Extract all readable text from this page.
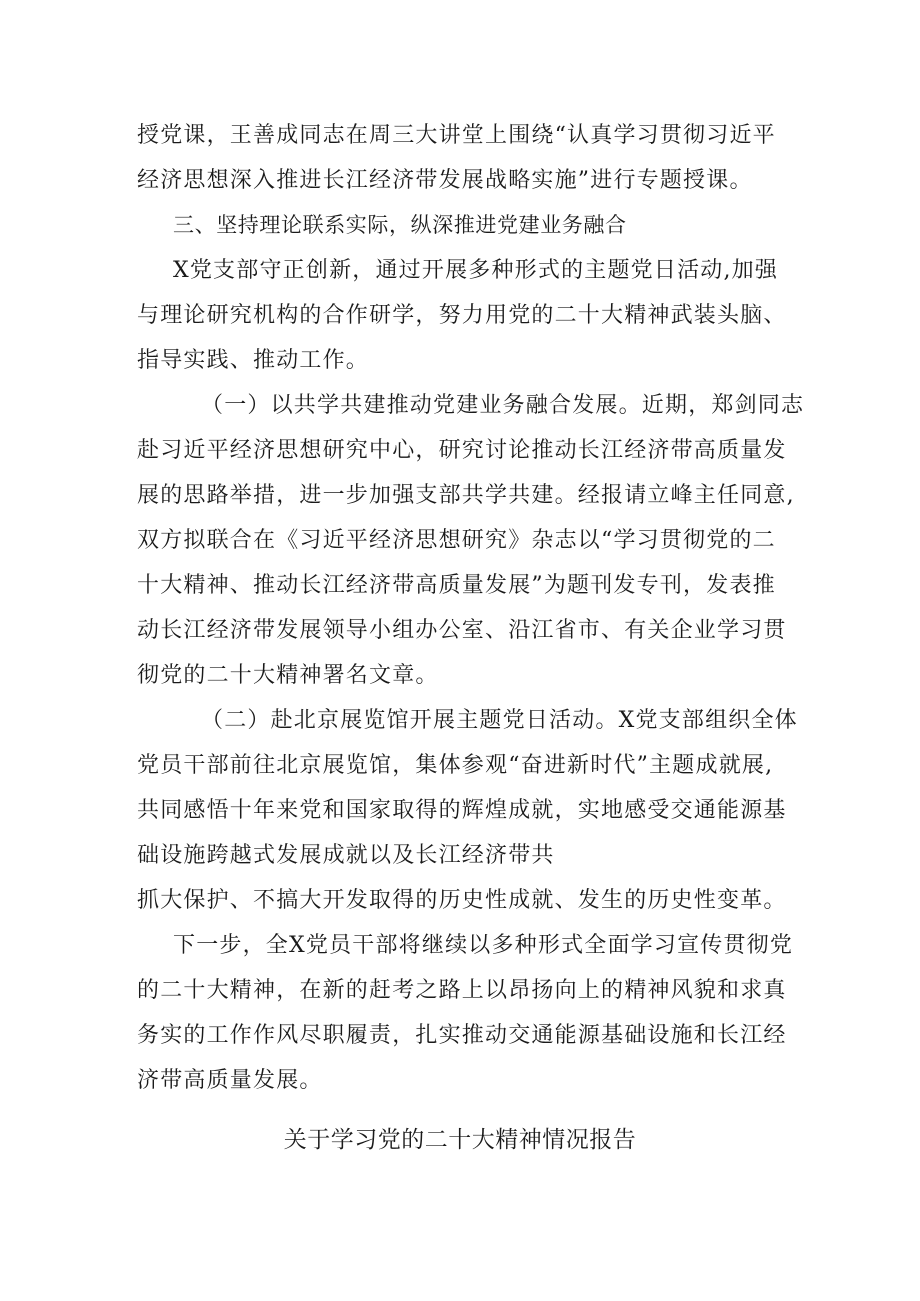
授党课，王善成同志在周三大讲堂上围绕“认真学习贯彻习近平
经济思想深入推进长江经济带发展战略实施”进行专题授课。
三、坚持理论联系实际，纵深推进党建业务融合
X党支部守正创新，通过开展多种形式的主题党日活动,加强
与理论研究机构的合作研学，努力用党的二十大精神武装头脑、
指导实践、推动工作。
（一）以共学共建推动党建业务融合发展。近期，郑剑同志
赴习近平经济思想研究中心，研究讨论推动长江经济带高质量发
展的思路举措，进一步加强支部共学共建。经报请立峰主任同意,
双方拟联合在《习近平经济思想研究》杂志以“学习贯彻党的二
十大精神、推动长江经济带高质量发展”为题刊发专刊，发表推
动长江经济带发展领导小组办公室、沿江省市、有关企业学习贯
彻党的二十大精神署名文章。
（二）赴北京展览馆开展主题党日活动。X党支部组织全体
党员干部前往北京展览馆，集体参观“奋进新时代”主题成就展,
共同感悟十年来党和国家取得的辉煌成就，实地感受交通能源基
础设施跨越式发展成就以及长江经济带共
抓大保护、不搞大开发取得的历史性成就、发生的历史性变革。
下一步，全X党员干部将继续以多种形式全面学习宣传贯彻党
的二十大精神，在新的赶考之路上以昂扬向上的精神风貌和求真
务实的工作作风尽职履责，扎实推动交通能源基础设施和长江经
济带高质量发展。
关于学习党的二十大精神情况报告
